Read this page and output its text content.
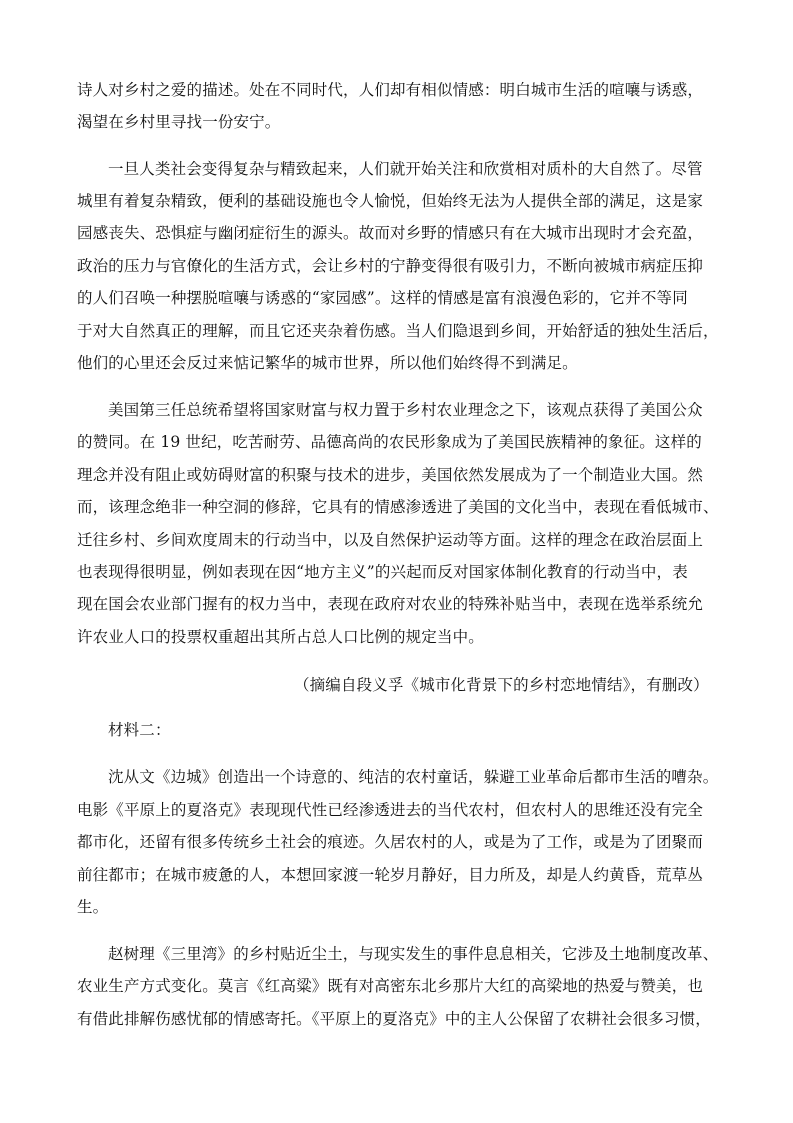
诗人对乡村之爱的描述。处在不同时代，人们却有相似情感：明白城市生活的喧嚷与诱惑，
渴望在乡村里寻找一份安宁。
一旦人类社会变得复杂与精致起来，人们就开始关注和欣赏相对质朴的大自然了。尽管
城里有着复杂精致，便利的基础设施也令人愉悦，但始终无法为人提供全部的满足，这是家
园感丧失、恐惧症与幽闭症衍生的源头。故而对乡野的情感只有在大城市出现时才会充盈，
政治的压力与官僚化的生活方式，会让乡村的宁静变得很有吸引力，不断向被城市病症压抑
的人们召唤一种摆脱喧嚷与诱惑的“家园感”。这样的情感是富有浪漫色彩的，它并不等同
于对大自然真正的理解，而且它还夹杂着伤感。当人们隐退到乡间，开始舒适的独处生活后，
他们的心里还会反过来惦记繁华的城市世界，所以他们始终得不到满足。
美国第三任总统希望将国家财富与权力置于乡村农业理念之下，该观点获得了美国公众
的赞同。在 19 世纪，吃苦耐劳、品德高尚的农民形象成为了美国民族精神的象征。这样的
理念并没有阻止或妨碍财富的积聚与技术的进步，美国依然发展成为了一个制造业大国。然
而，该理念绝非一种空洞的修辞，它具有的情感渗透进了美国的文化当中，表现在看低城市、
迁往乡村、乡间欢度周末的行动当中，以及自然保护运动等方面。这样的理念在政治层面上
也表现得很明显，例如表现在因“地方主义”的兴起而反对国家体制化教育的行动当中，表
现在国会农业部门握有的权力当中，表现在政府对农业的特殊补贴当中，表现在选举系统允
许农业人口的投票权重超出其所占总人口比例的规定当中。
（摘编自段义孚《城市化背景下的乡村恋地情结》，有删改）
材料二：
沈从文《边城》创造出一个诗意的、纯洁的农村童话，躲避工业革命后都市生活的嘈杂。
电影《平原上的夏洛克》表现现代性已经渗透进去的当代农村，但农村人的思维还没有完全
都市化，还留有很多传统乡土社会的痕迹。久居农村的人，或是为了工作，或是为了团聚而
前往都市；在城市疲惫的人，本想回家渡一轮岁月静好，目力所及，却是人约黄昏，荒草丛
生。
赵树理《三里湾》的乡村贴近尘土，与现实发生的事件息息相关，它涉及土地制度改革、
农业生产方式变化。莫言《红高粱》既有对高密东北乡那片大红的高梁地的热爱与赞美，也
有借此排解伤感忧郁的情感寄托。《平原上的夏洛克》中的主人公保留了农耕社会很多习惯，
